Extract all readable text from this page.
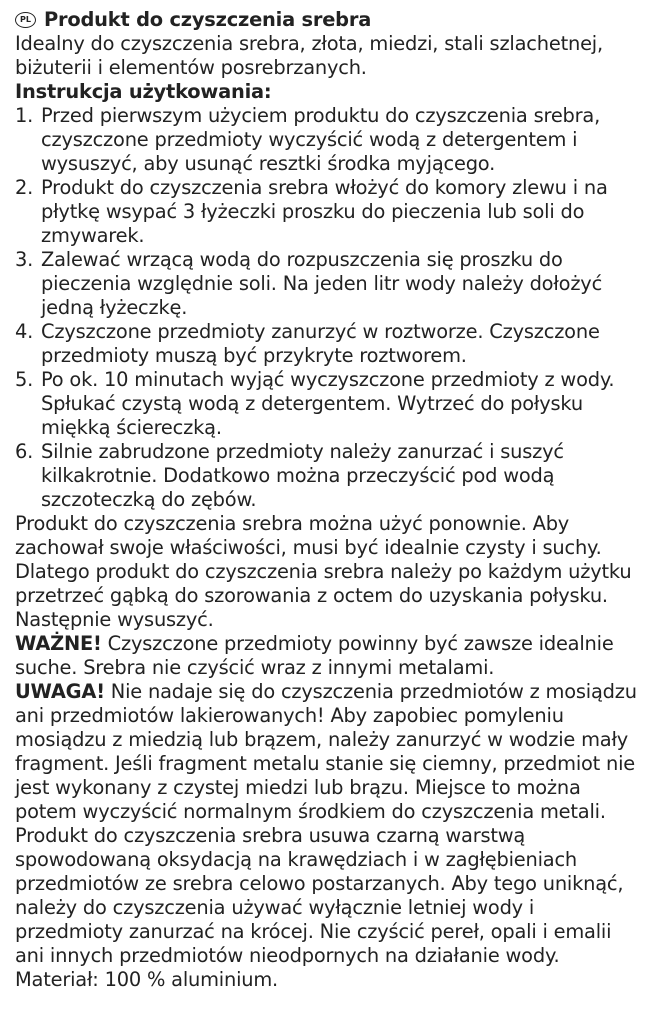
PL Produkt do czyszczenia srebra

Idealny do czyszczenia srebra, złota, miedzi, stali szlachetnej, biżuterii i elementów posrebrzanych.

Instrukcja użytkowania:

1. Przed pierwszym użyciem produktu do czyszczenia srebra, czyszczone przedmioty wyczyścić wodą z detergentem i wysuszyć, aby usunąć resztki środka myjącego.
2. Produkt do czyszczenia srebra włożyć do komory zlewu i na płytkę wsypać 3 łyżeczki proszku do pieczenia lub soli do zmywarek.
3. Zalewać wrzącą wodą do rozpuszczenia się proszku do pieczenia względnie soli. Na jeden litr wody należy dołożyć jedną łyżeczkę.
4. Czyszczone przedmioty zanurzyć w roztworze. Czyszczone przedmioty muszą być przykryte roztworem.
5. Po ok. 10 minutach wyjąć wyczyszczone przedmioty z wody. Spłukać czystą wodą z detergentem. Wytrzeć do połysku miękką ściereczką.
6. Silnie zabrudzone przedmioty należy zanurzać i suszyć kilkakrotnie. Dodatkowo można przeczyścić pod wodą szczoteczką do zębów.

Produkt do czyszczenia srebra można użyć ponownie. Aby zachował swoje właściwości, musi być idealnie czysty i suchy. Dlatego produkt do czyszczenia srebra należy po każdym użytku przetrzeć gąbką do szorowania z octem do uzyskania połysku. Następnie wysuszyć.

WAŻNE! Czyszczone przedmioty powinny być zawsze idealnie suche. Srebra nie czyścić wraz z innymi metalami.

UWAGA! Nie nadaje się do czyszczenia przedmiotów z mosiądzu ani przedmiotów lakierowanych! Aby zapobiec pomyleniu mosiądzu z miedzią lub brązem, należy zanurzyć w wodzie mały fragment. Jeśli fragment metalu stanie się ciemny, przedmiot nie jest wykonany z czystej miedzi lub brązu. Miejsce to można potem wyczyścić normalnym środkiem do czyszczenia metali. Produkt do czyszczenia srebra usuwa czarną warstwą spowodowaną oksydacją na krawędziach i w zagłębieniach przedmiotów ze srebra celowo postarzanych. Aby tego uniknąć, należy do czyszczenia używać wyłącznie letniej wody i przedmioty zanurzać na krócej. Nie czyścić pereł, opali i emalii ani innych przedmiotów nieodpornych na działanie wody.

Materiał: 100 % aluminium.
